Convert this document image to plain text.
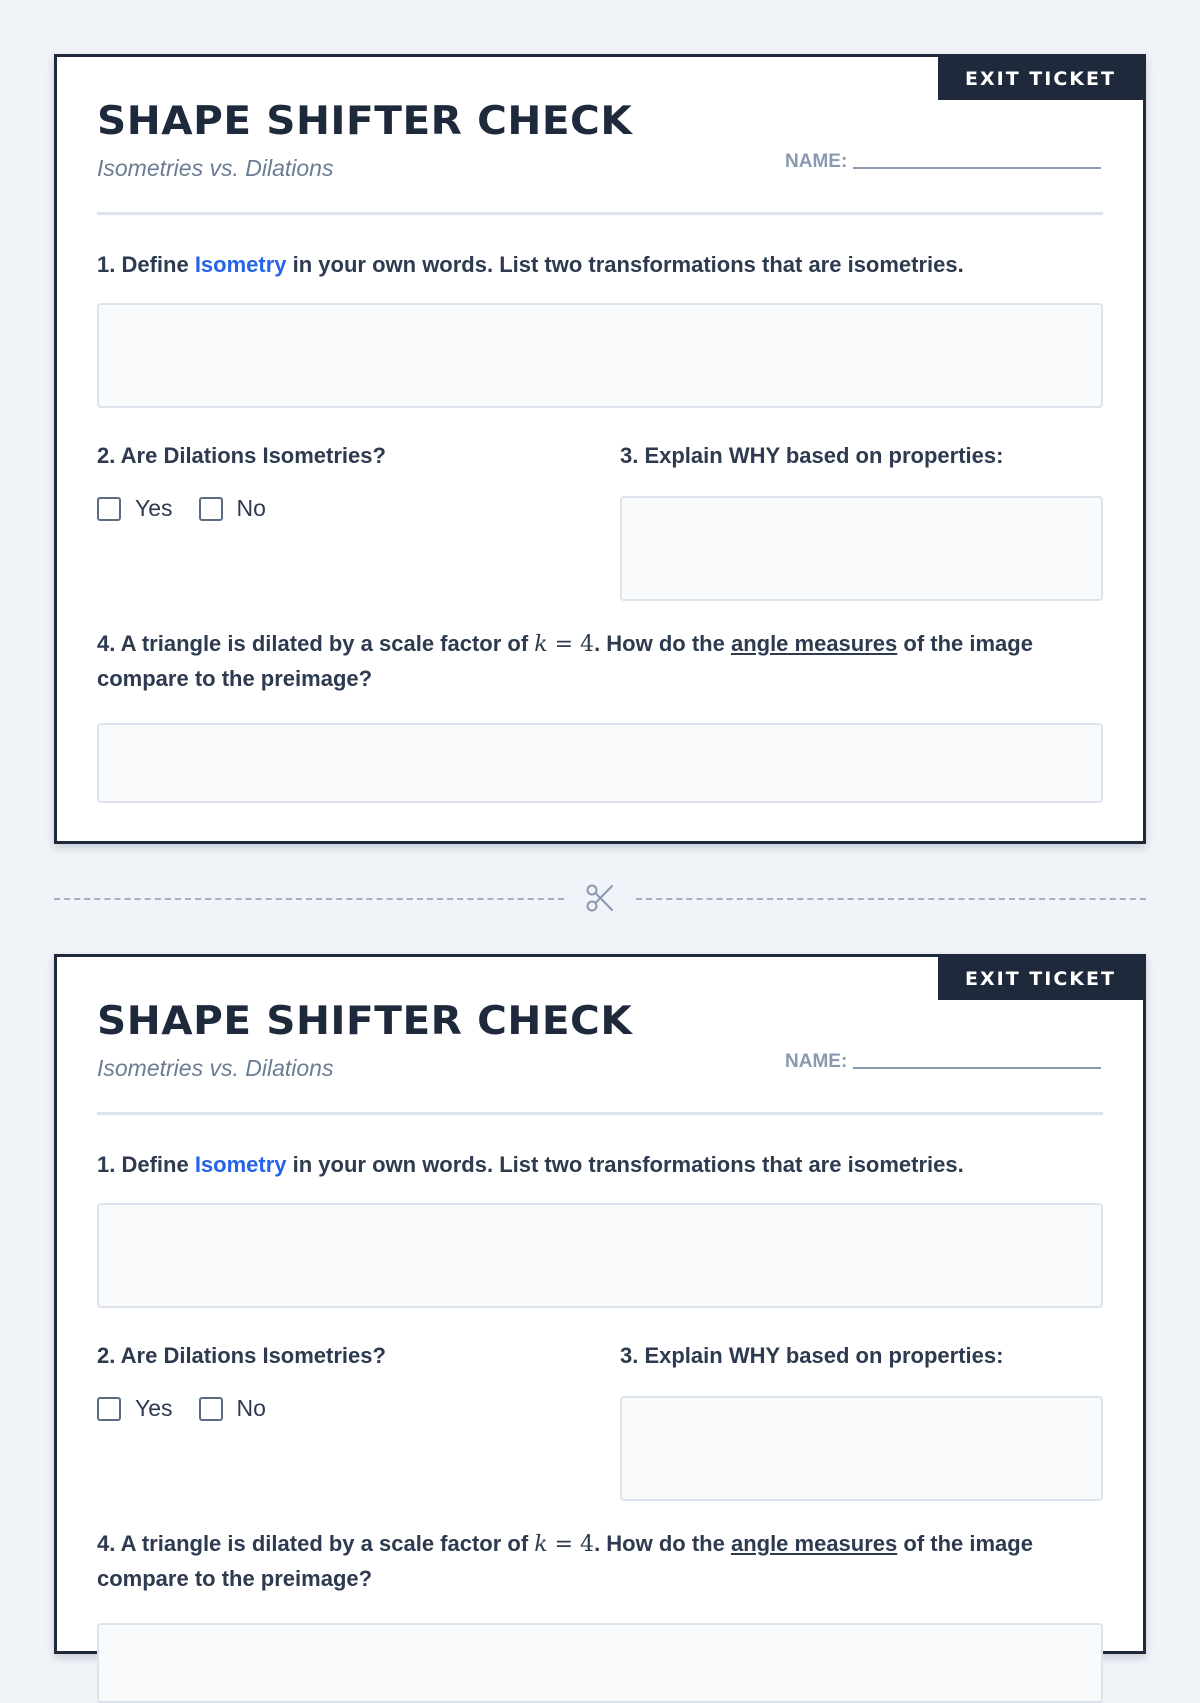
EXIT TICKET
SHAPE SHIFTER CHECK
Isometries vs. Dilations	NAME:
1. Define Isometry in your own words. List two transformations that are isometries.
2. Are Dilations Isometries?
Yes	No
3. Explain WHY based on properties:
4. A triangle is dilated by a scale factor of k = 4. How do the angle measures of the image compare to the preimage?
EXIT TICKET
SHAPE SHIFTER CHECK
Isometries vs. Dilations	NAME:
1. Define Isometry in your own words. List two transformations that are isometries.
2. Are Dilations Isometries?
Yes	No
3. Explain WHY based on properties:
4. A triangle is dilated by a scale factor of k = 4. How do the angle measures of the image compare to the preimage?
